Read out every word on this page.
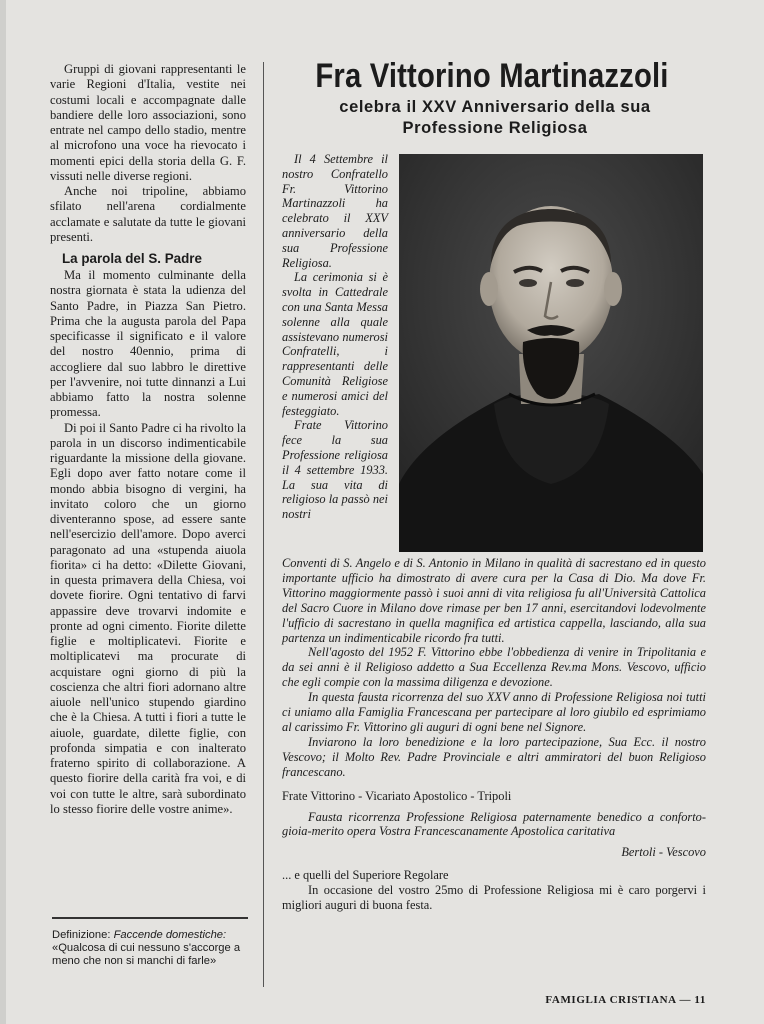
Gruppi di giovani rappresentanti le varie Regioni d'Italia, vestite nei costumi locali e accompagnate dalle bandiere delle loro associazioni, sono entrate nel campo dello stadio, mentre al microfono una voce ha rievocato i momenti epici della storia della G. F. vissuti nelle diverse regioni.

Anche noi tripoline, abbiamo sfilato nell'arena cordialmente acclamate e salutate da tutte le giovani presenti.

La parola del S. Padre

Ma il momento culminante della nostra giornata è stata la udienza del Santo Padre, in Piazza San Pietro. Prima che la augusta parola del Papa specificasse il significato e il valore del nostro 40ennio, prima di accogliere dal suo labbro le direttive per l'avvenire, noi tutte dinnanzi a Lui abbiamo fatto la nostra solenne promessa.

Di poi il Santo Padre ci ha rivolto la parola in un discorso indimenticabile riguardante la missione della giovane. Egli dopo aver fatto notare come il mondo abbia bisogno di vergini, ha invitato coloro che un giorno diventeranno spose, ad essere sante nell'esercizio dell'amore. Dopo averci paragonato ad una «stupenda aiuola fiorita» ci ha detto: «Dilette Giovani, in questa primavera della Chiesa, voi dovete fiorire. Ogni tentativo di farvi appassire deve trovarvi indomite e pronte ad ogni cimento. Fiorite dilette figlie e moltiplicatevi. Fiorite e moltiplicatevi ma procurate di acquistare ogni giorno di più la coscienza che altri fiori adornano altre aiuole nell'unico stupendo giardino che è la Chiesa. A tutti i fiori a tutte le aiuole, guardate, dilette figlie, con profonda simpatia e con inalterato fraterno spirito di collaborazione. A questo fiorire della carità fra voi, e di voi con tutte le altre, sarà subordinato lo stesso fiorire delle vostre anime».

Definizione: Faccende domestiche: «Qualcosa di cui nessuno s'accorge a meno che non si manchi di farle»
Fra Vittorino Martinazzoli
celebra il XXV Anniversario della sua
Professione Religiosa

Il 4 Settembre il nostro Confratello Fr. Vittorino Martinazzoli ha celebrato il XXV anniversario della sua Professione Religiosa.

La cerimonia si è svolta in Cattedrale con una Santa Messa solenne alla quale assistevano numerosi Confratelli, i rappresentanti delle Comunità Religiose e numerosi amici del festeggiato.

Frate Vittorino fece la sua Professione religiosa il 4 settembre 1933. La sua vita di religioso la passò nei nostri

Conventi di S. Angelo e di S. Antonio in Milano in qualità di sacrestano ed in questo importante ufficio ha dimostrato di avere cura per la Casa di Dio. Ma dove Fr. Vittorino maggiormente passò i suoi anni di vita religiosa fu all'Università Cattolica del Sacro Cuore in Milano dove rimase per ben 17 anni, esercitandovi lodevolmente l'ufficio di sacrestano in quella magnifica ed artistica cappella, lasciando, alla sua partenza un indimenticabile ricordo fra tutti.

Nell'agosto del 1952 F. Vittorino ebbe l'obbedienza di venire in Tripolitania e da sei anni è il Religioso addetto a Sua Eccellenza Rev.ma Mons. Vescovo, ufficio che egli compie con la massima diligenza e devozione.

In questa fausta ricorrenza del suo XXV anno di Professione Religiosa noi tutti ci uniamo alla Famiglia Francescana per partecipare al loro giubilo ed esprimiamo al carissimo Fr. Vittorino gli auguri di ogni bene nel Signore.

Inviarono la loro benedizione e la loro partecipazione, Sua Ecc. il nostro Vescovo; il Molto Rev. Padre Provinciale e altri ammiratori del buon Religioso francescano.

Frate Vittorino - Vicariato Apostolico - Tripoli

Fausta ricorrenza Professione Religiosa paternamente benedico a conforto-gioia-merito opera Vostra Francescanamente Apostolica caritativa

Bertoli - Vescovo

... e quelli del Superiore Regolare

In occasione del vostro 25mo di Professione Religiosa mi è caro porgervi i migliori auguri di buona festa.

FAMIGLIA CRISTIANA — 11
